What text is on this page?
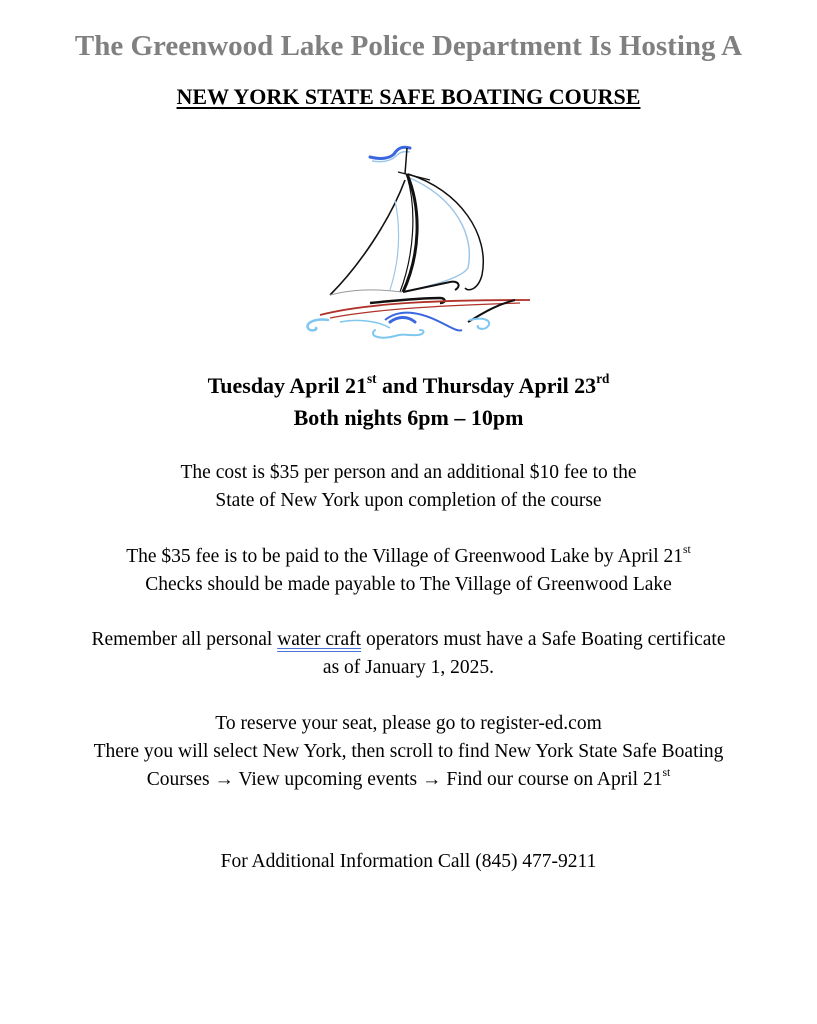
The Greenwood Lake Police Department Is Hosting A
NEW YORK STATE SAFE BOATING COURSE
Tuesday April 21st and Thursday April 23rd
Both nights 6pm – 10pm
The cost is $35 per person and an additional $10 fee to the
State of New York upon completion of the course
The $35 fee is to be paid to the Village of Greenwood Lake by April 21st
Checks should be made payable to The Village of Greenwood Lake
Remember all personal water craft operators must have a Safe Boating certificate
as of January 1, 2025.
To reserve your seat, please go to register-ed.com
There you will select New York, then scroll to find New York State Safe Boating
Courses → View upcoming events → Find our course on April 21st
For Additional Information Call (845) 477-9211
